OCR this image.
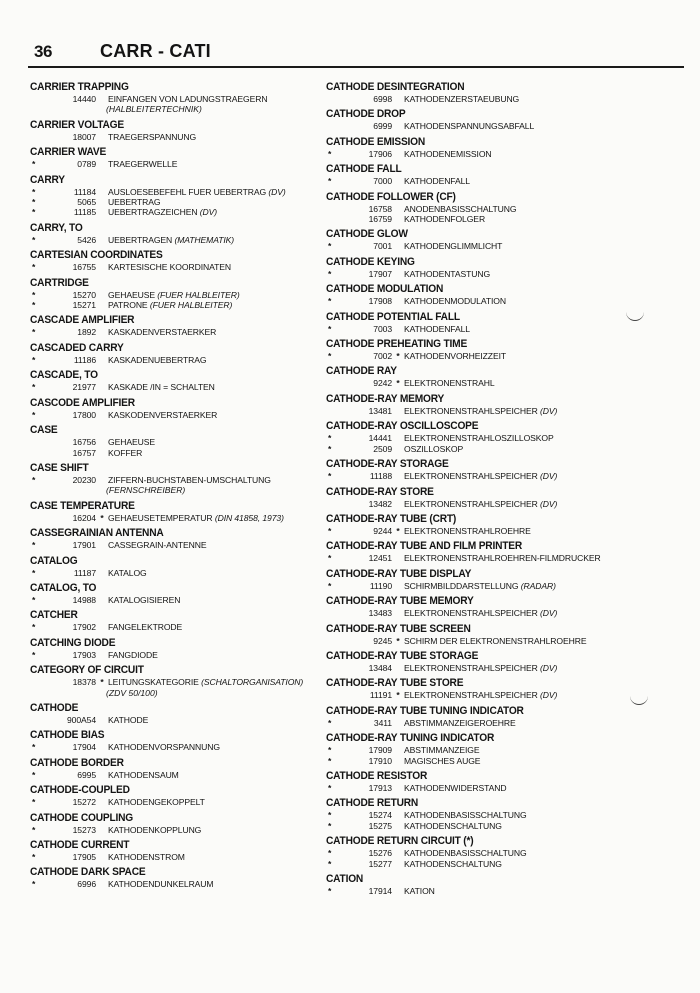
36	CARR - CATI
CARRIER TRAPPING
14440 EINFANGEN VON LADUNGSTRAEGERN
(HALBLEITERTECHNIK)
CARRIER VOLTAGE
18007 TRAEGERSPANNUNG
CARRIER WAVE
*	0789 TRAEGERWELLE
CARRY
*	11184 AUSLOESEBEFEHL FUER UEBERTRAG (DV)
*	5065 UEBERTRAG
*	11185 UEBERTRAGZEICHEN (DV)
CARRY, TO
*	5426 UEBERTRAGEN (MATHEMATIK)
CARTESIAN COORDINATES
*	16755 KARTESISCHE KOORDINATEN
CARTRIDGE
*	15270 GEHAEUSE (FUER HALBLEITER)
*	15271 PATRONE (FUER HALBLEITER)
CASCADE AMPLIFIER
*	1892 KASKADENVERSTAERKER
CASCADED CARRY
*	11186 KASKADENUEBERTRAG
CASCADE, TO
*	21977 KASKADE /IN = SCHALTEN
CASCODE AMPLIFIER
*	17800 KASKODENVERSTAERKER
CASE
16756 GEHAEUSE
16757 KOFFER
CASE SHIFT
*	20230 ZIFFERN-BUCHSTABEN-UMSCHALTUNG
(FERNSCHREIBER)
CASE TEMPERATURE
16204 * GEHAEUSETEMPERATUR (DIN 41858, 1973)
CASSEGRAINIAN ANTENNA
*	17901 CASSEGRAIN-ANTENNE
CATALOG
*	11187 KATALOG
CATALOG, TO
*	14988 KATALOGISIEREN
CATCHER
*	17902 FANGELEKTRODE
CATCHING DIODE
*	17903 FANGDIODE
CATEGORY OF CIRCUIT
18378 * LEITUNGSKATEGORIE (SCHALTORGANISATION)
(ZDV 50/100)
CATHODE
900A54 KATHODE
CATHODE BIAS
*	17904 KATHODENVORSPANNUNG
CATHODE BORDER
*	6995 KATHODENSAUM
CATHODE-COUPLED
*	15272 KATHODENGEKOPPELT
CATHODE COUPLING
*	15273 KATHODENKOPPLUNG
CATHODE CURRENT
*	17905 KATHODENSTROM
CATHODE DARK SPACE
*	6996 KATHODENDUNKELRAUM
CATHODE DESINTEGRATION
6998 KATHODENZERSTAEUBUNG
CATHODE DROP
6999 KATHODENSPANNUNGSABFALL
CATHODE EMISSION
*	17906 KATHODENEMISSION
CATHODE FALL
*	7000 KATHODENFALL
CATHODE FOLLOWER (CF)
16758 ANODENBASISSCHALTUNG
16759 KATHODENFOLGER
CATHODE GLOW
*	7001 KATHODENGLIMMLICHT
CATHODE KEYING
*	17907 KATHODENTASTUNG
CATHODE MODULATION
*	17908 KATHODENMODULATION
CATHODE POTENTIAL FALL
*	7003 KATHODENFALL
CATHODE PREHEATING TIME
*	7002 * KATHODENVORHEIZZEIT
CATHODE RAY
9242 * ELEKTRONENSTRAHL
CATHODE-RAY MEMORY
13481 ELEKTRONENSTRAHLSPEICHER (DV)
CATHODE-RAY OSCILLOSCOPE
*	14441 ELEKTRONENSTRAHLOSZILLOSKOP
*	2509 OSZILLOSKOP
CATHODE-RAY STORAGE
*	11188 ELEKTRONENSTRAHLSPEICHER (DV)
CATHODE-RAY STORE
13482 ELEKTRONENSTRAHLSPEICHER (DV)
CATHODE-RAY TUBE (CRT)
*	9244 * ELEKTRONENSTRAHLROEHRE
CATHODE-RAY TUBE AND FILM PRINTER
*	12451 ELEKTRONENSTRAHLROEHREN-FILMDRUCKER
CATHODE-RAY TUBE DISPLAY
*	11190 SCHIRMBILDDARSTELLUNG (RADAR)
CATHODE-RAY TUBE MEMORY
13483 ELEKTRONENSTRAHLSPEICHER (DV)
CATHODE-RAY TUBE SCREEN
9245 * SCHIRM DER ELEKTRONENSTRAHLROEHRE
CATHODE-RAY TUBE STORAGE
13484 ELEKTRONENSTRAHLSPEICHER (DV)
CATHODE-RAY TUBE STORE
11191 * ELEKTRONENSTRAHLSPEICHER (DV)
CATHODE-RAY TUBE TUNING INDICATOR
*	3411 ABSTIMMANZEIGEROEHRE
CATHODE-RAY TUNING INDICATOR
*	17909 ABSTIMMANZEIGE
*	17910 MAGISCHES AUGE
CATHODE RESISTOR
*	17913 KATHODENWIDERSTAND
CATHODE RETURN
*	15274 KATHODENBASISSCHALTUNG
*	15275 KATHODENSCHALTUNG
CATHODE RETURN CIRCUIT (*)
*	15276 KATHODENBASISSCHALTUNG
*	15277 KATHODENSCHALTUNG
CATION
*	17914 KATION
